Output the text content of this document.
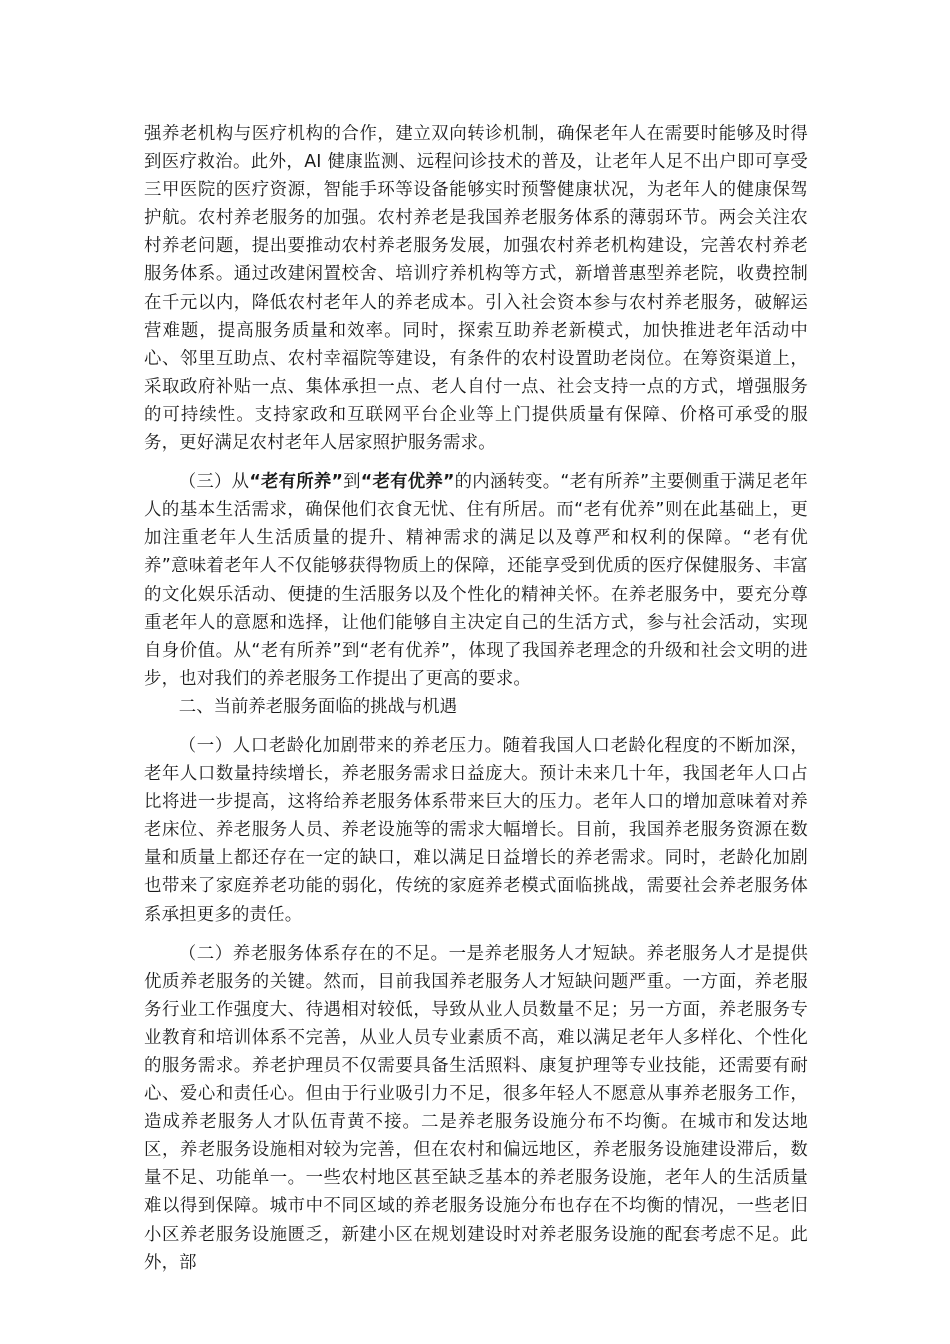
强养老机构与医疗机构的合作，建立双向转诊机制，确保老年人在需要时能够及时得到医疗救治。此外，AI 健康监测、远程问诊技术的普及，让老年人足不出户即可享受三甲医院的医疗资源，智能手环等设备能够实时预警健康状况，为老年人的健康保驾护航。农村养老服务的加强。农村养老是我国养老服务体系的薄弱环节。两会关注农村养老问题，提出要推动农村养老服务发展，加强农村养老机构建设，完善农村养老服务体系。通过改建闲置校舍、培训疗养机构等方式，新增普惠型养老院，收费控制在千元以内，降低农村老年人的养老成本。引入社会资本参与农村养老服务，破解运营难题，提高服务质量和效率。同时，探索互助养老新模式，加快推进老年活动中心、邻里互助点、农村幸福院等建设，有条件的农村设置助老岗位。在筹资渠道上，采取政府补贴一点、集体承担一点、老人自付一点、社会支持一点的方式，增强服务的可持续性。支持家政和互联网平台企业等上门提供质量有保障、价格可承受的服务，更好满足农村老年人居家照护服务需求。

（三）从“老有所养”到“老有优养”的内涵转变。“老有所养”主要侧重于满足老年人的基本生活需求，确保他们衣食无忧、住有所居。而“老有优养”则在此基础上，更加注重老年人生活质量的提升、精神需求的满足以及尊严和权利的保障。“老有优养”意味着老年人不仅能够获得物质上的保障，还能享受到优质的医疗保健服务、丰富的文化娱乐活动、便捷的生活服务以及个性化的精神关怀。在养老服务中，要充分尊重老年人的意愿和选择，让他们能够自主决定自己的生活方式，参与社会活动，实现自身价值。从“老有所养”到“老有优养”，体现了我国养老理念的升级和社会文明的进步，也对我们的养老服务工作提出了更高的要求。

二、当前养老服务面临的挑战与机遇

（一）人口老龄化加剧带来的养老压力。随着我国人口老龄化程度的不断加深，老年人口数量持续增长，养老服务需求日益庞大。预计未来几十年，我国老年人口占比将进一步提高，这将给养老服务体系带来巨大的压力。老年人口的增加意味着对养老床位、养老服务人员、养老设施等的需求大幅增长。目前，我国养老服务资源在数量和质量上都还存在一定的缺口，难以满足日益增长的养老需求。同时，老龄化加剧也带来了家庭养老功能的弱化，传统的家庭养老模式面临挑战，需要社会养老服务体系承担更多的责任。

（二）养老服务体系存在的不足。一是养老服务人才短缺。养老服务人才是提供优质养老服务的关键。然而，目前我国养老服务人才短缺问题严重。一方面，养老服务行业工作强度大、待遇相对较低，导致从业人员数量不足；另一方面，养老服务专业教育和培训体系不完善，从业人员专业素质不高，难以满足老年人多样化、个性化的服务需求。养老护理员不仅需要具备生活照料、康复护理等专业技能，还需要有耐心、爱心和责任心。但由于行业吸引力不足，很多年轻人不愿意从事养老服务工作，造成养老服务人才队伍青黄不接。二是养老服务设施分布不均衡。在城市和发达地区，养老服务设施相对较为完善，但在农村和偏远地区，养老服务设施建设滞后，数量不足、功能单一。一些农村地区甚至缺乏基本的养老服务设施，老年人的生活质量难以得到保障。城市中不同区域的养老服务设施分布也存在不均衡的情况，一些老旧小区养老服务设施匮乏，新建小区在规划建设时对养老服务设施的配套考虑不足。此外，部
